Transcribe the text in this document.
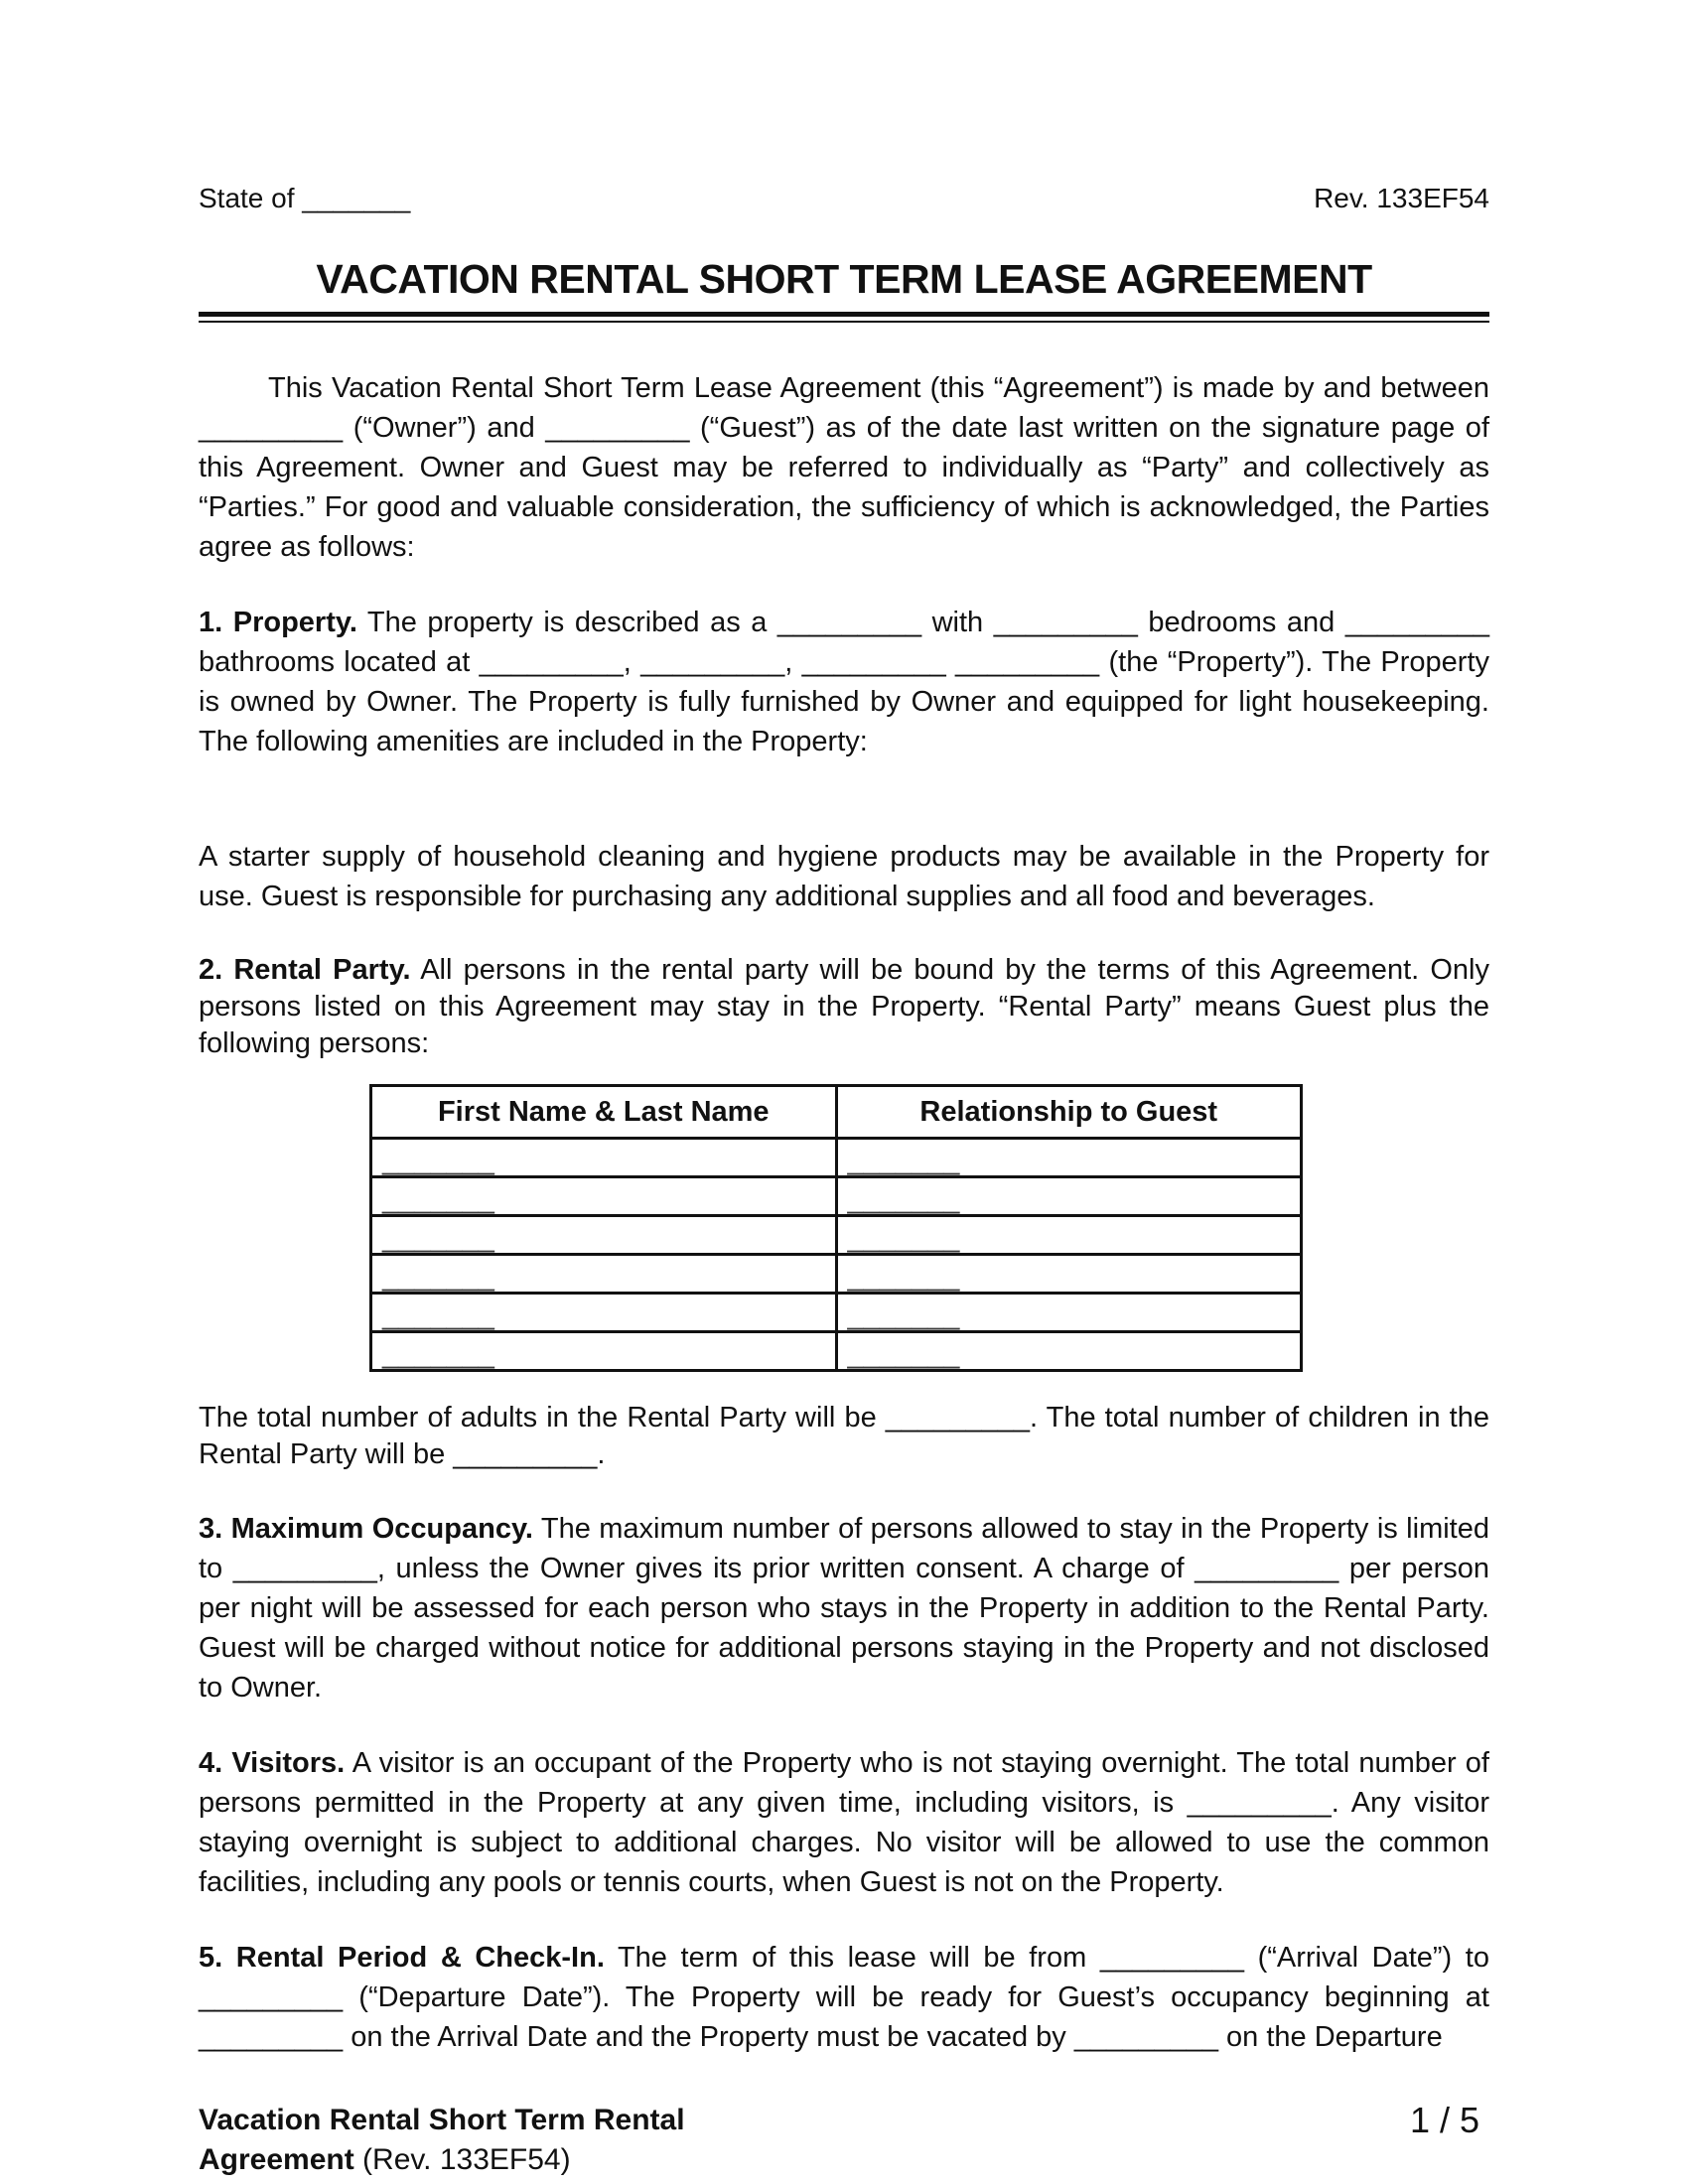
State of _______	Rev. 133EF54
VACATION RENTAL SHORT TERM LEASE AGREEMENT

This Vacation Rental Short Term Lease Agreement (this “Agreement”) is made by and between _________ (“Owner”) and _________ (“Guest”) as of the date last written on the signature page of this Agreement. Owner and Guest may be referred to individually as “Party” and collectively as “Parties.” For good and valuable consideration, the sufficiency of which is acknowledged, the Parties agree as follows:

1. Property. The property is described as a _________ with _________ bedrooms and _________ bathrooms located at _________, _________, _________ _________ (the “Property”). The Property is owned by Owner. The Property is fully furnished by Owner and equipped for light housekeeping. The following amenities are included in the Property:

A starter supply of household cleaning and hygiene products may be available in the Property for use. Guest is responsible for purchasing any additional supplies and all food and beverages.

2. Rental Party. All persons in the rental party will be bound by the terms of this Agreement. Only persons listed on this Agreement may stay in the Property. “Rental Party” means Guest plus the following persons:

First Name & Last Name	Relationship to Guest
_______	_______
_______	_______
_______	_______
_______	_______
_______	_______
_______	_______

The total number of adults in the Rental Party will be _________. The total number of children in the Rental Party will be _________.

3. Maximum Occupancy. The maximum number of persons allowed to stay in the Property is limited to _________, unless the Owner gives its prior written consent. A charge of _________ per person per night will be assessed for each person who stays in the Property in addition to the Rental Party. Guest will be charged without notice for additional persons staying in the Property and not disclosed to Owner.

4. Visitors. A visitor is an occupant of the Property who is not staying overnight. The total number of persons permitted in the Property at any given time, including visitors, is _________. Any visitor staying overnight is subject to additional charges. No visitor will be allowed to use the common facilities, including any pools or tennis courts, when Guest is not on the Property.

5. Rental Period & Check-In. The term of this lease will be from _________ (“Arrival Date”) to _________ (“Departure Date”). The Property will be ready for Guest’s occupancy beginning at _________ on the Arrival Date and the Property must be vacated by _________ on the Departure

Vacation Rental Short Term Rental
Agreement (Rev. 133EF54)
1 / 5
